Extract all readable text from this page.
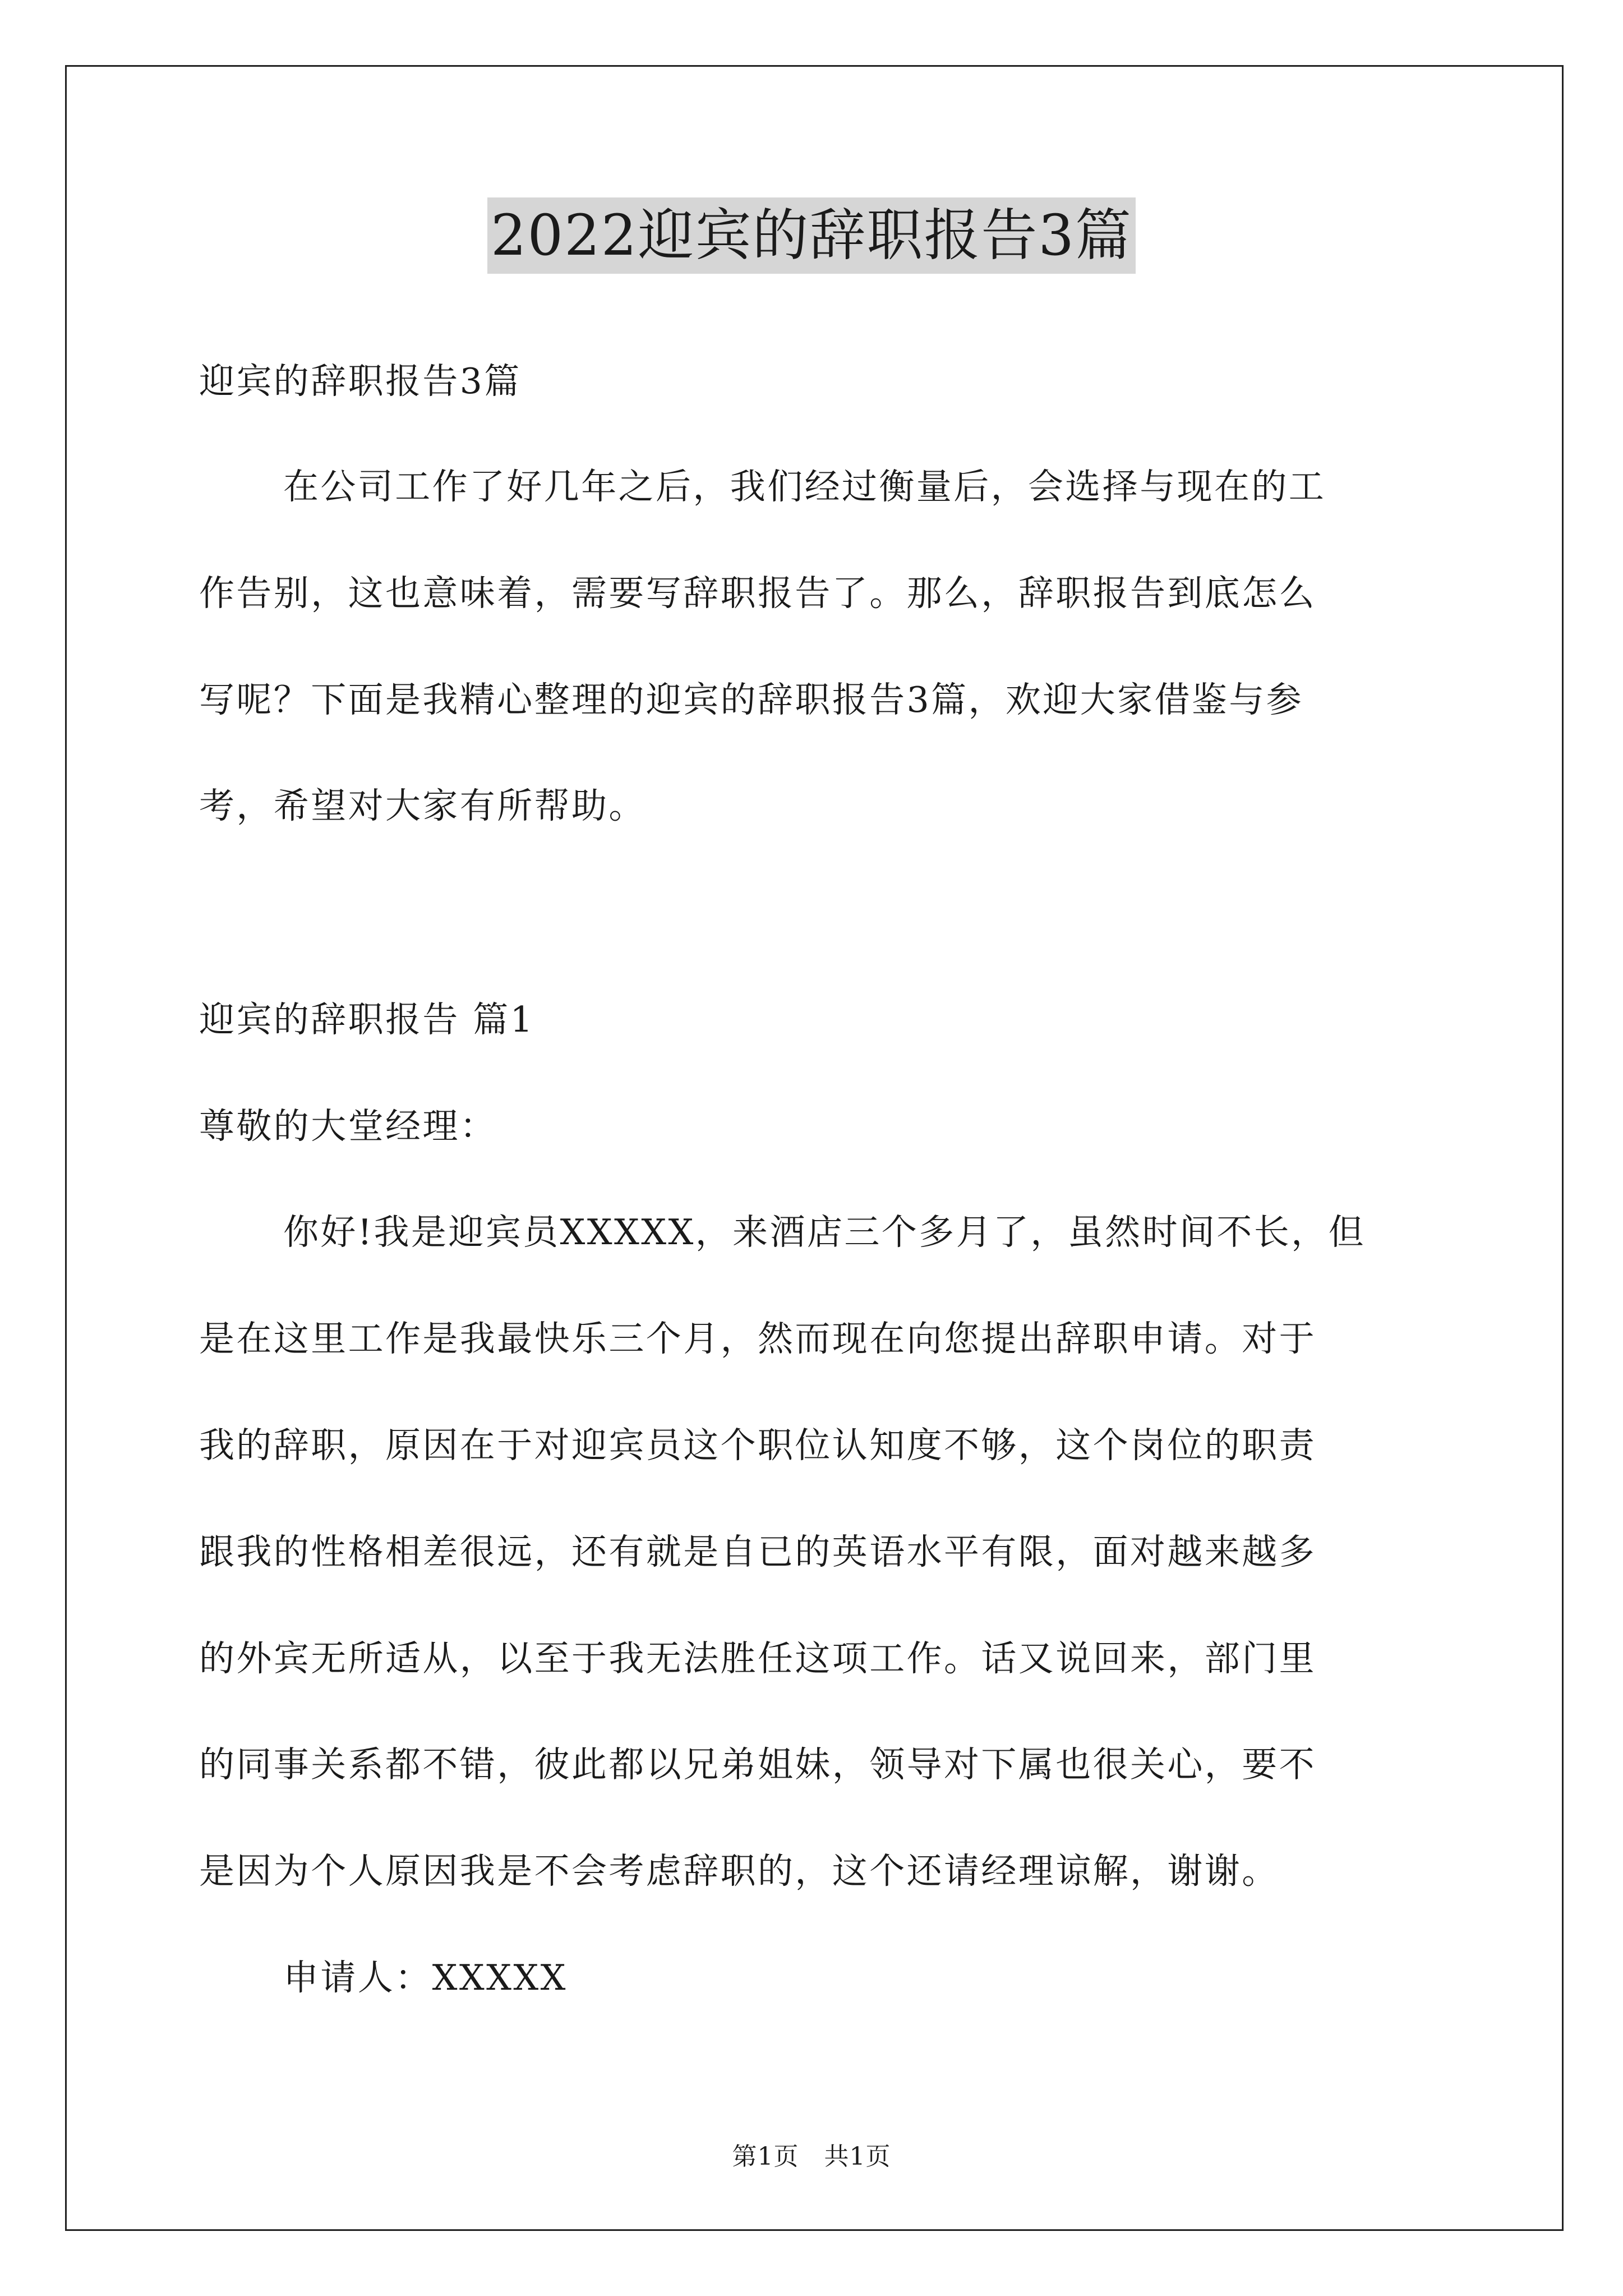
2022迎宾的辞职报告3篇
迎宾的辞职报告3篇
在公司工作了好几年之后，我们经过衡量后，会选择与现在的工
作告别，这也意味着，需要写辞职报告了。那么，辞职报告到底怎么
写呢？下面是我精心整理的迎宾的辞职报告3篇，欢迎大家借鉴与参
考，希望对大家有所帮助。
迎宾的辞职报告 篇1
尊敬的大堂经理：
你好!我是迎宾员XXXXX，来酒店三个多月了，虽然时间不长，但
是在这里工作是我最快乐三个月，然而现在向您提出辞职申请。对于
我的辞职，原因在于对迎宾员这个职位认知度不够，这个岗位的职责
跟我的性格相差很远，还有就是自已的英语水平有限，面对越来越多
的外宾无所适从，以至于我无法胜任这项工作。话又说回来，部门里
的同事关系都不错，彼此都以兄弟姐妹，领导对下属也很关心，要不
是因为个人原因我是不会考虑辞职的，这个还请经理谅解，谢谢。
申请人：XXXXX
第1页　共1页
